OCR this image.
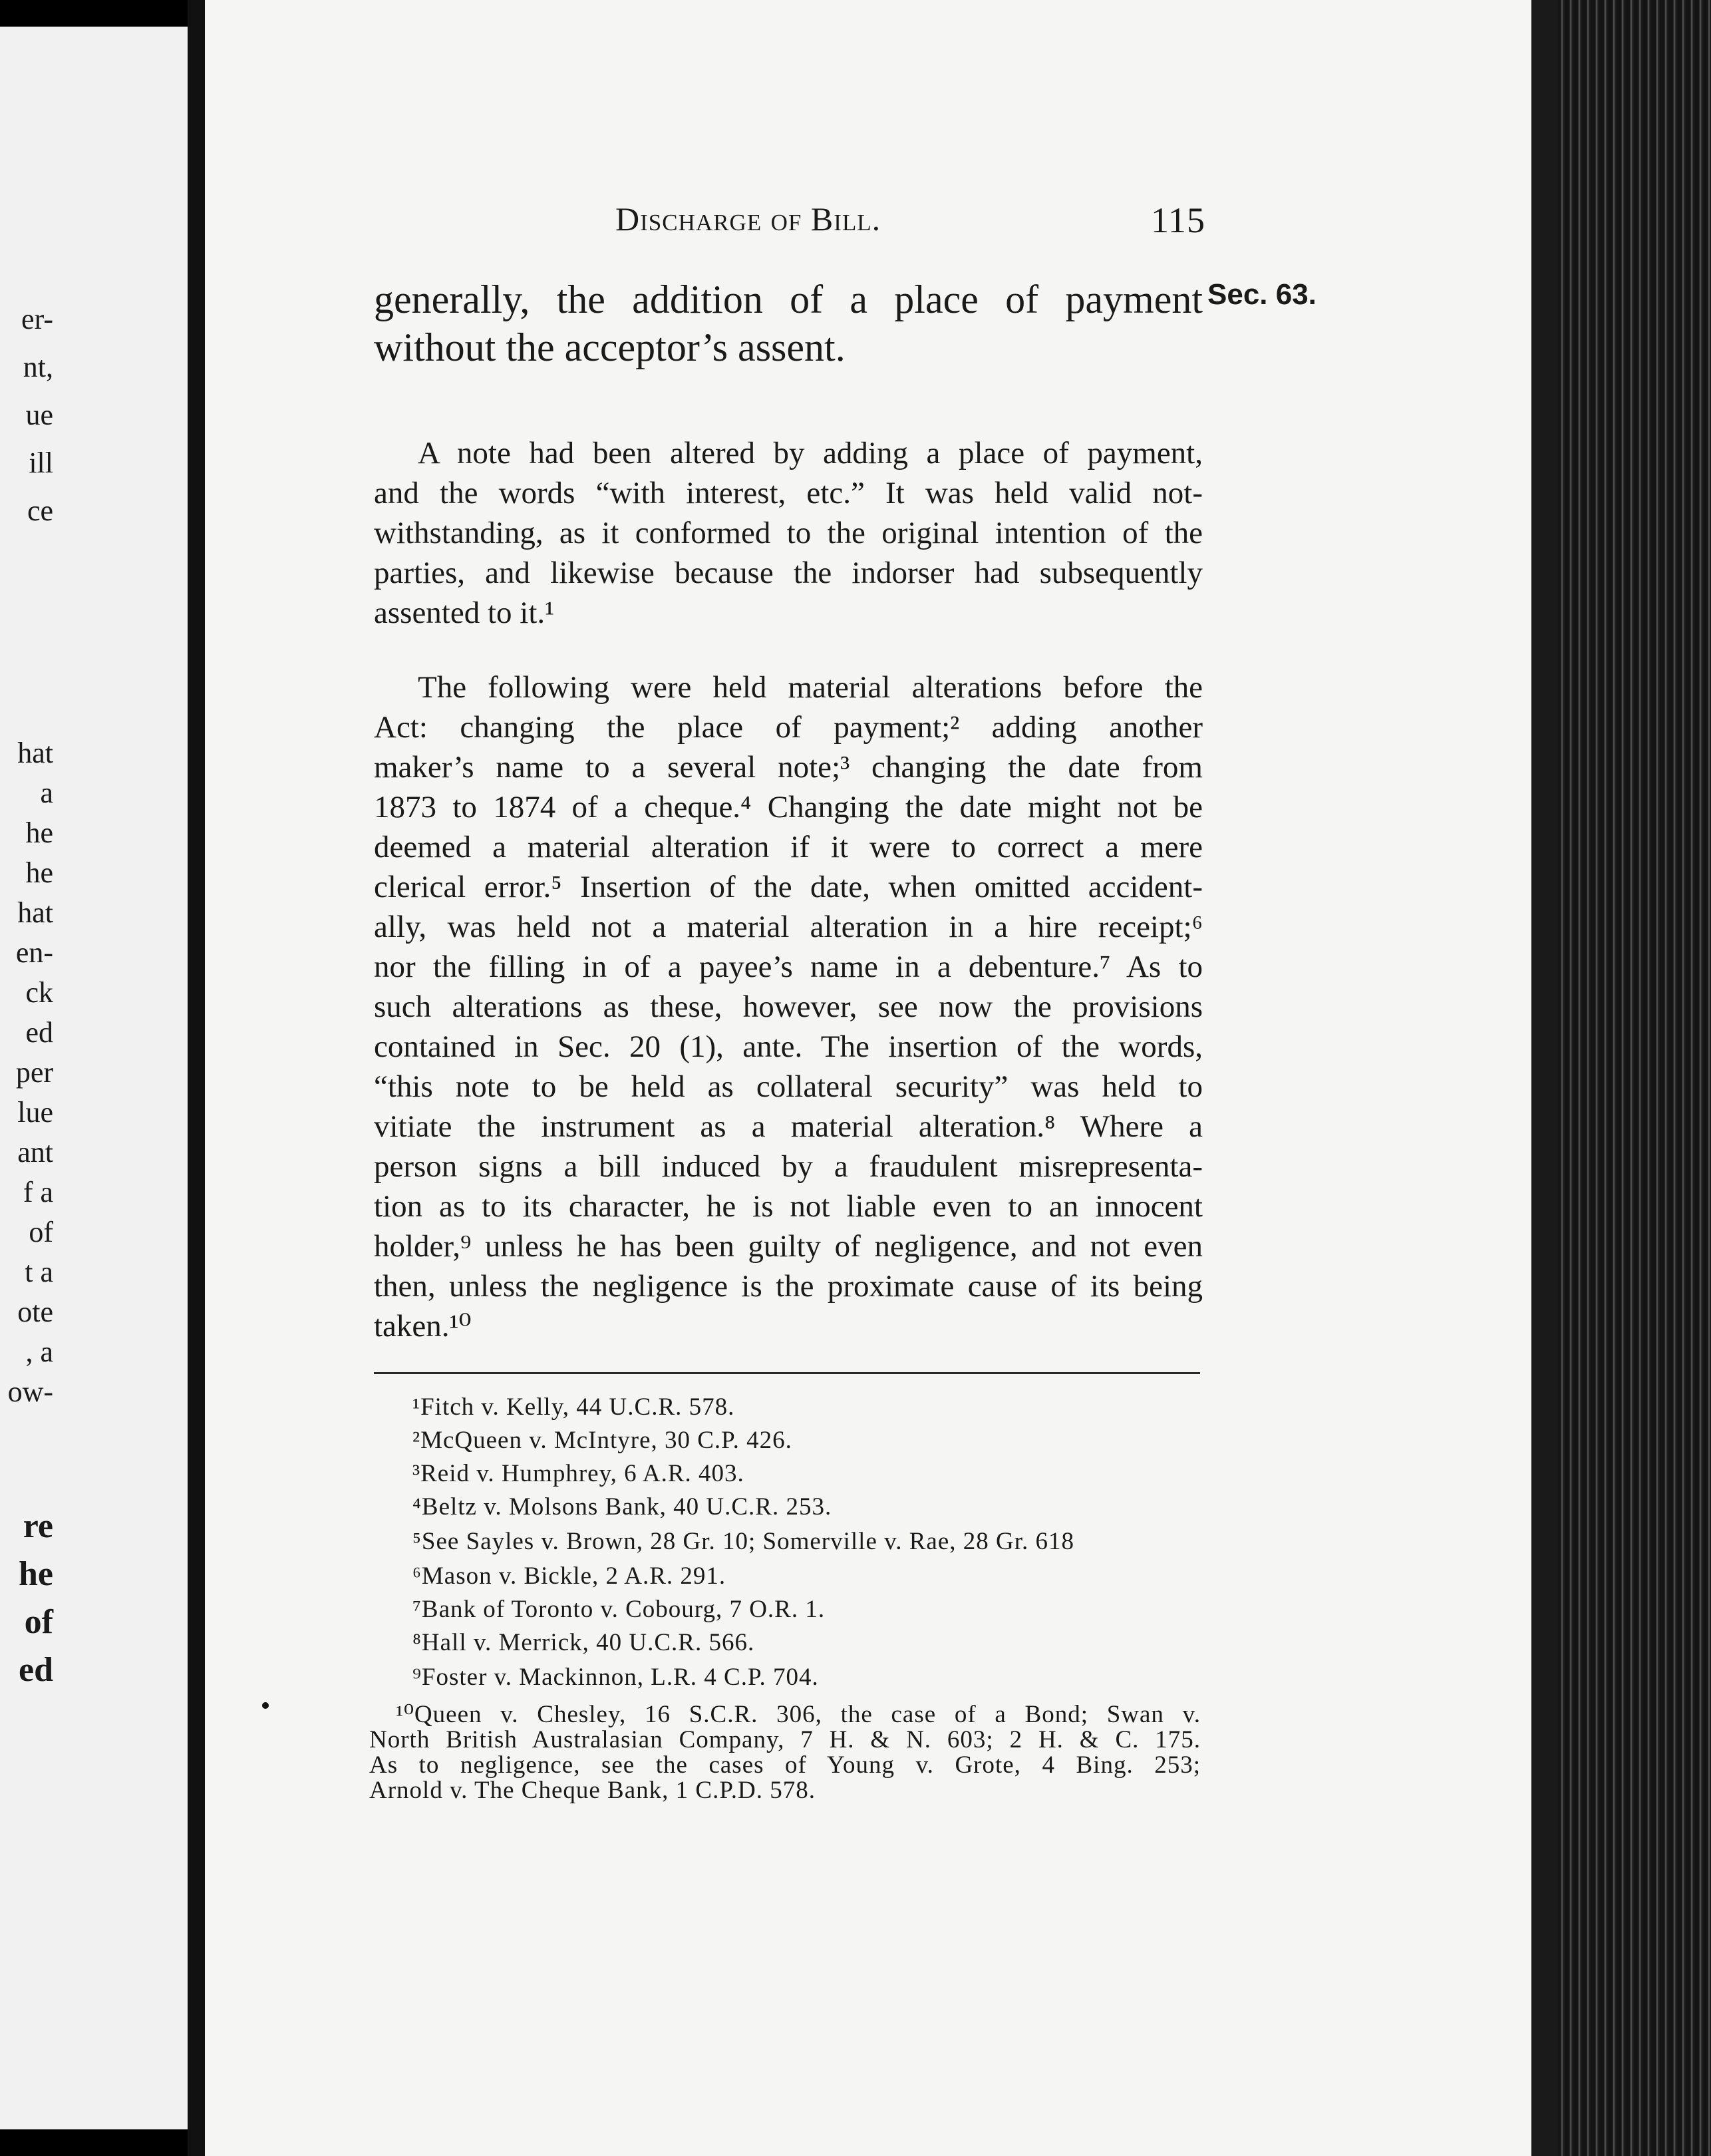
er-
nt,
ue
ill
ce
hat
a
he
he
hat
en-
ck
ed
per
lue
ant
f a
of
t a
ote
, a
ow-
re
he
of
ed
Discharge of Bill.	115
Sec. 63.
generally, the addition of a place of payment
without the acceptor’s assent.
A note had been altered by adding a place of payment,
and the words “with interest, etc.” It was held valid not-
withstanding, as it conformed to the original intention of the
parties, and likewise because the indorser had subsequently
assented to it.¹
The following were held material alterations before the
Act: changing the place of payment;² adding another
maker’s name to a several note;³ changing the date from
1873 to 1874 of a cheque.⁴ Changing the date might not be
deemed a material alteration if it were to correct a mere
clerical error.⁵ Insertion of the date, when omitted accident-
ally, was held not a material alteration in a hire receipt;⁶
nor the filling in of a payee’s name in a debenture.⁷ As to
such alterations as these, however, see now the provisions
contained in Sec. 20 (1), ante. The insertion of the words,
“this note to be held as collateral security” was held to
vitiate the instrument as a material alteration.⁸ Where a
person signs a bill induced by a fraudulent misrepresenta-
tion as to its character, he is not liable even to an innocent
holder,⁹ unless he has been guilty of negligence, and not even
then, unless the negligence is the proximate cause of its being
taken.¹⁰
¹Fitch v. Kelly, 44 U.C.R. 578.
²McQueen v. McIntyre, 30 C.P. 426.
³Reid v. Humphrey, 6 A.R. 403.
⁴Beltz v. Molsons Bank, 40 U.C.R. 253.
⁵See Sayles v. Brown, 28 Gr. 10; Somerville v. Rae, 28 Gr. 618
⁶Mason v. Bickle, 2 A.R. 291.
⁷Bank of Toronto v. Cobourg, 7 O.R. 1.
⁸Hall v. Merrick, 40 U.C.R. 566.
⁹Foster v. Mackinnon, L.R. 4 C.P. 704.
¹⁰Queen v. Chesley, 16 S.C.R. 306, the case of a Bond; Swan v.
North British Australasian Company, 7 H. & N. 603; 2 H. & C. 175.
As to negligence, see the cases of Young v. Grote, 4 Bing. 253;
Arnold v. The Cheque Bank, 1 C.P.D. 578.
